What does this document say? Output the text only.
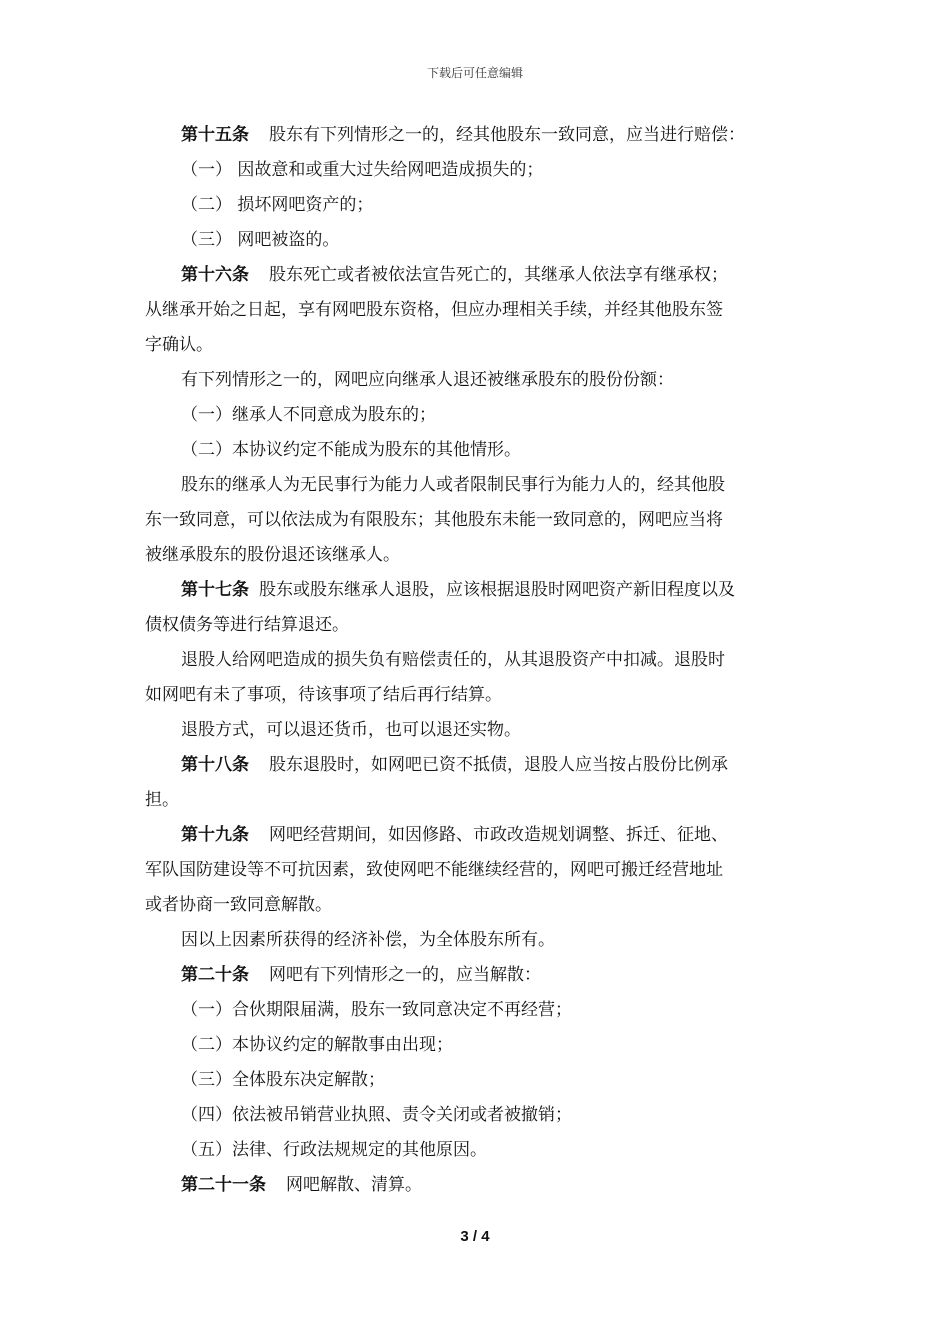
下载后可任意编辑
第十五条 股东有下列情形之一的，经其他股东一致同意，应当进行赔偿：
（一） 因故意和或重大过失给网吧造成损失的；
（二） 损坏网吧资产的；
（三） 网吧被盗的。
第十六条 股东死亡或者被依法宣告死亡的，其继承人依法享有继承权；
从继承开始之日起，享有网吧股东资格，但应办理相关手续，并经其他股东签
字确认。
有下列情形之一的，网吧应向继承人退还被继承股东的股份份额：
（一）继承人不同意成为股东的；
（二）本协议约定不能成为股东的其他情形。
股东的继承人为无民事行为能力人或者限制民事行为能力人的，经其他股
东一致同意，可以依法成为有限股东；其他股东未能一致同意的，网吧应当将
被继承股东的股份退还该继承人。
第十七条 股东或股东继承人退股，应该根据退股时网吧资产新旧程度以及
债权债务等进行结算退还。
退股人给网吧造成的损失负有赔偿责任的，从其退股资产中扣减。退股时
如网吧有未了事项，待该事项了结后再行结算。
退股方式，可以退还货币，也可以退还实物。
第十八条 股东退股时，如网吧已资不抵债，退股人应当按占股份比例承
担。
第十九条 网吧经营期间，如因修路、市政改造规划调整、拆迁、征地、
军队国防建设等不可抗因素，致使网吧不能继续经营的，网吧可搬迁经营地址
或者协商一致同意解散。
因以上因素所获得的经济补偿，为全体股东所有。
第二十条 网吧有下列情形之一的，应当解散：
（一）合伙期限届满，股东一致同意决定不再经营；
（二）本协议约定的解散事由出现；
（三）全体股东决定解散；
（四）依法被吊销营业执照、责令关闭或者被撤销；
（五）法律、行政法规规定的其他原因。
第二十一条 网吧解散、清算。
3 / 4
